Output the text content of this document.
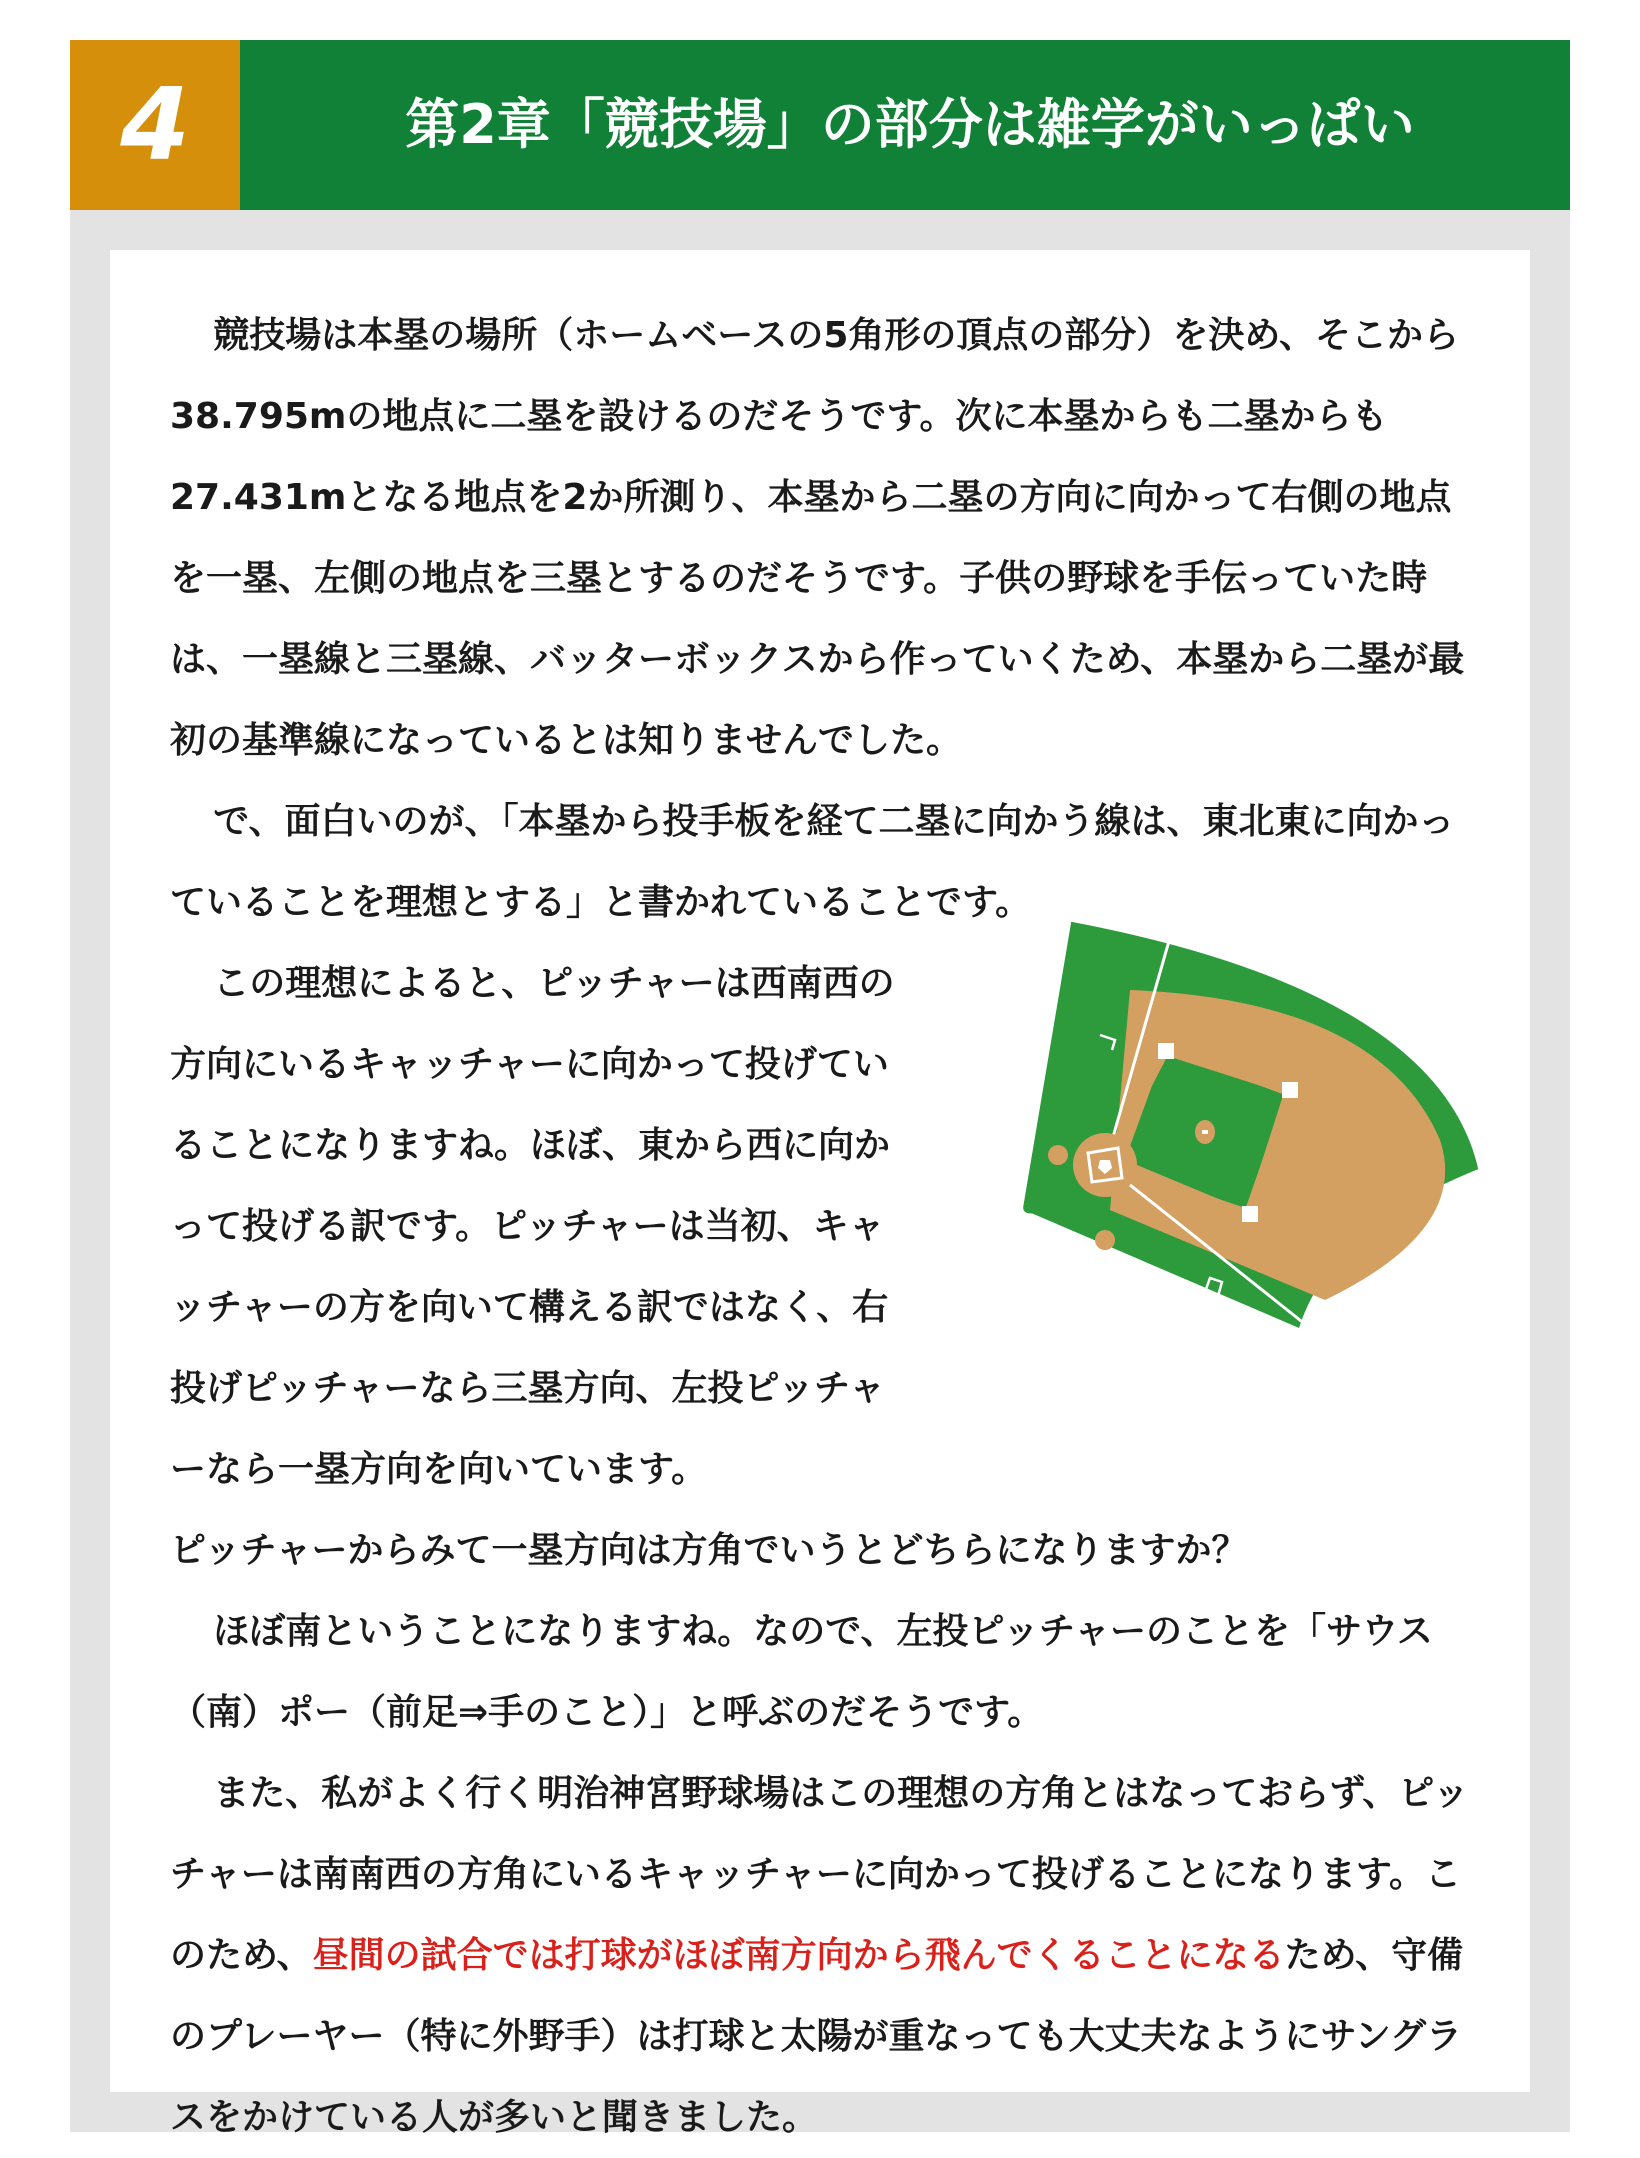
4	第2章「競技場」の部分は雑学がいっぱい

競技場は本塁の場所（ホームベースの5角形の頂点の部分）を決め、そこから38.795mの地点に二塁を設けるのだそうです。次に本塁からも二塁からも27.431mとなる地点を2か所測り、本塁から二塁の方向に向かって右側の地点を一塁、左側の地点を三塁とするのだそうです。子供の野球を手伝っていた時は、一塁線と三塁線、バッターボックスから作っていくため、本塁から二塁が最初の基準線になっているとは知りませんでした。

で、面白いのが、「本塁から投手板を経て二塁に向かう線は、東北東に向かっていることを理想とする」と書かれていることです。

この理想によると、ピッチャーは西南西の方向にいるキャッチャーに向かって投げていることになりますね。ほぼ、東から西に向かって投げる訳です。ピッチャーは当初、キャッチャーの方を向いて構える訳ではなく、右投げピッチャーなら三塁方向、左投ピッチャーなら一塁方向を向いています。

ピッチャーからみて一塁方向は方角でいうとどちらになりますか？

ほぼ南ということになりますね。なので、左投ピッチャーのことを「サウス（南）ポー（前足⇒手のこと）」と呼ぶのだそうです。

また、私がよく行く明治神宮野球場はこの理想の方角とはなっておらず、ピッチャーは南南西の方角にいるキャッチャーに向かって投げることになります。このため、昼間の試合では打球がほぼ南方向から飛んでくることになるため、守備のプレーヤー（特に外野手）は打球と太陽が重なっても大丈夫なようにサングラスをかけている人が多いと聞きました。
